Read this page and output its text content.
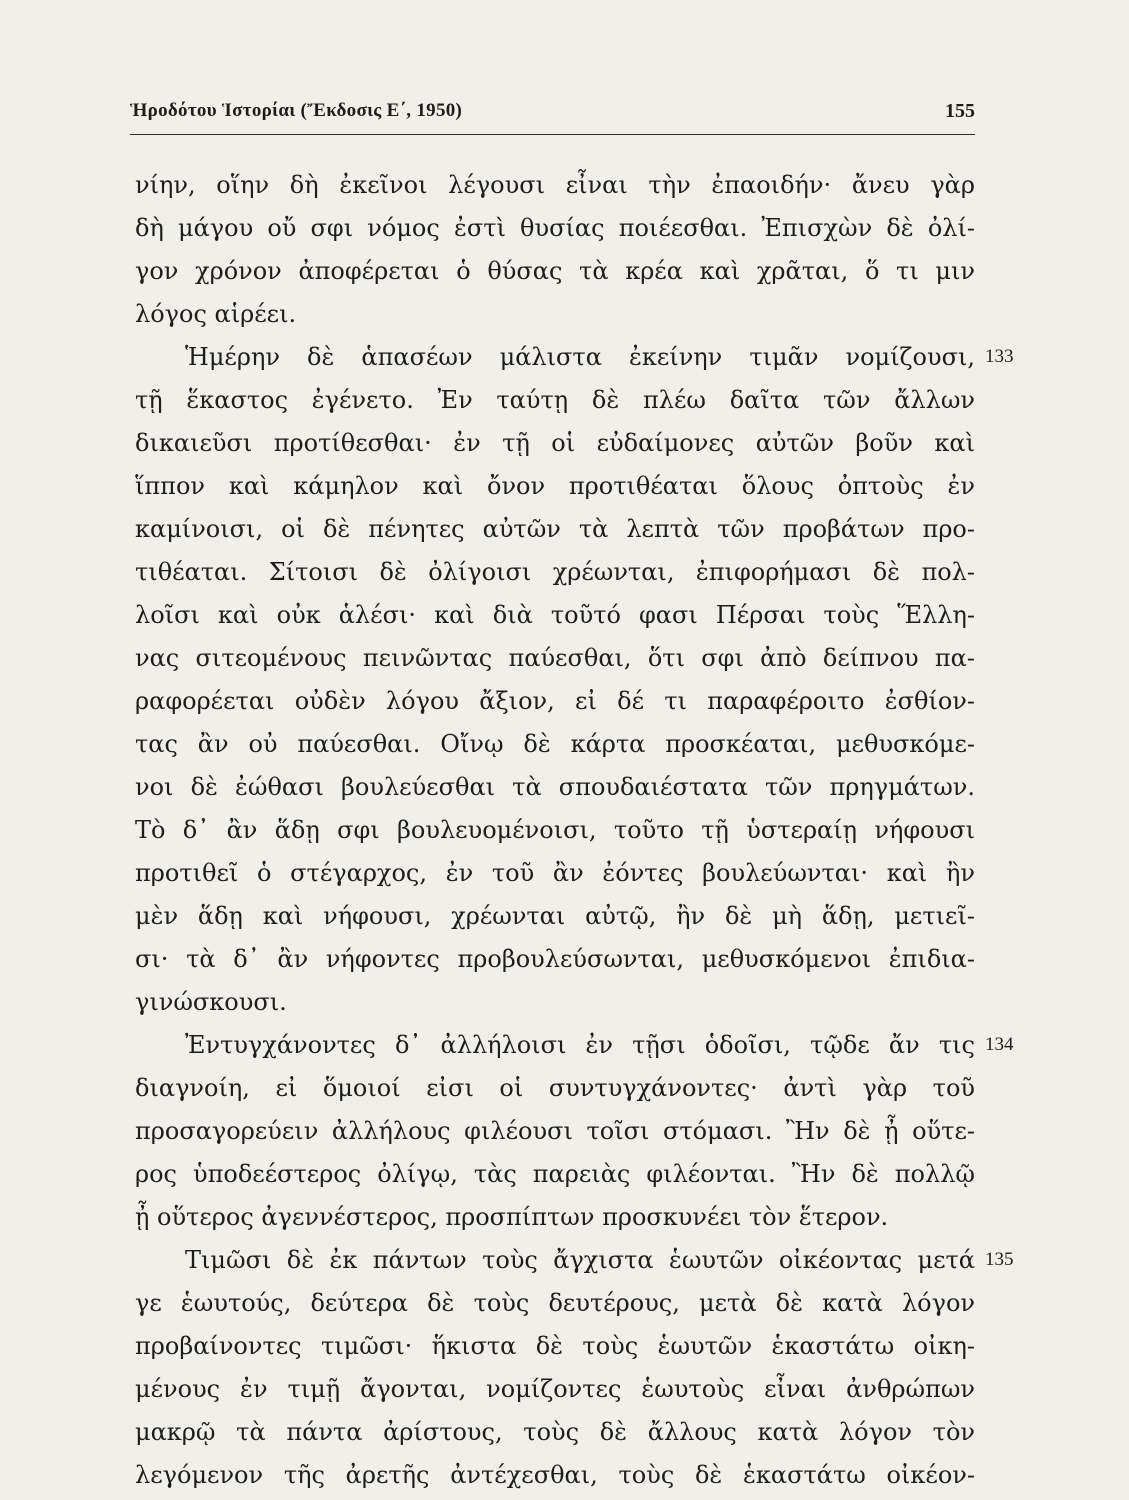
Ἡροδότου Ἱστορίαι (Ἔκδοσις Ε΄, 1950)	155
νίην, οἵην δὴ ἐκεῖνοι λέγουσι εἶναι τὴν ἐπαοιδήν· ἄνευ γὰρ
δὴ μάγου οὔ σφι νόμος ἐστὶ θυσίας ποιέεσθαι. Ἐπισχὼν δὲ ὀλί-
γον χρόνον ἀποφέρεται ὁ θύσας τὰ κρέα καὶ χρᾶται, ὅ τι μιν
λόγος αἱρέει.
Ἡμέρην δὲ ἁπασέων μάλιστα ἐκείνην τιμᾶν νομίζουσι,
τῇ ἕκαστος ἐγένετο. Ἐν ταύτῃ δὲ πλέω δαῖτα τῶν ἄλλων
δικαιεῦσι προτίθεσθαι· ἐν τῇ οἱ εὐδαίμονες αὐτῶν βοῦν καὶ
ἵππον καὶ κάμηλον καὶ ὄνον προτιθέαται ὅλους ὀπτοὺς ἐν
καμίνοισι, οἱ δὲ πένητες αὐτῶν τὰ λεπτὰ τῶν προβάτων προ-
τιθέαται. Σίτοισι δὲ ὀλίγοισι χρέωνται, ἐπιφορήμασι δὲ πολ-
λοῖσι καὶ οὐκ ἁλέσι· καὶ διὰ τοῦτό φασι Πέρσαι τοὺς Ἕλλη-
νας σιτεομένους πεινῶντας παύεσθαι, ὅτι σφι ἀπὸ δείπνου πα-
ραφορέεται οὐδὲν λόγου ἄξιον, εἰ δέ τι παραφέροιτο ἐσθίον-
τας ἂν οὐ παύεσθαι. Οἴνῳ δὲ κάρτα προσκέαται, μεθυσκόμε-
νοι δὲ ἐώθασι βουλεύεσθαι τὰ σπουδαιέστατα τῶν πρηγμάτων.
Τὸ δ᾽ ἂν ἅδῃ σφι βουλευομένοισι, τοῦτο τῇ ὑστεραίῃ νήφουσι
προτιθεῖ ὁ στέγαρχος, ἐν τοῦ ἂν ἐόντες βουλεύωνται· καὶ ἢν
μὲν ἅδῃ καὶ νήφουσι, χρέωνται αὐτῷ, ἢν δὲ μὴ ἅδῃ, μετιεῖ-
σι· τὰ δ᾽ ἂν νήφοντες προβουλεύσωνται, μεθυσκόμενοι ἐπιδια-
γινώσκουσι.
Ἐντυγχάνοντες δ᾽ ἀλλήλοισι ἐν τῇσι ὁδοῖσι, τῷδε ἄν τις
διαγνοίη, εἰ ὅμοιοί εἰσι οἱ συντυγχάνοντες· ἀντὶ γὰρ τοῦ
προσαγορεύειν ἀλλήλους φιλέουσι τοῖσι στόμασι. Ἢν δὲ ᾖ οὕτε-
ρος ὑποδεέστερος ὀλίγῳ, τὰς παρειὰς φιλέονται. Ἢν δὲ πολλῷ
ᾖ οὕτερος ἀγεννέστερος, προσπίπτων προσκυνέει τὸν ἕτερον.
Τιμῶσι δὲ ἐκ πάντων τοὺς ἄγχιστα ἑωυτῶν οἰκέοντας μετά
γε ἑωυτούς, δεύτερα δὲ τοὺς δευτέρους, μετὰ δὲ κατὰ λόγον
προβαίνοντες τιμῶσι· ἥκιστα δὲ τοὺς ἑωυτῶν ἑκαστάτω οἰκη-
μένους ἐν τιμῇ ἄγονται, νομίζοντες ἑωυτοὺς εἶναι ἀνθρώπων
μακρῷ τὰ πάντα ἀρίστους, τοὺς δὲ ἄλλους κατὰ λόγον τὸν
λεγόμενον τῆς ἀρετῆς ἀντέχεσθαι, τοὺς δὲ ἑκαστάτω οἰκέον-
133
134
135
